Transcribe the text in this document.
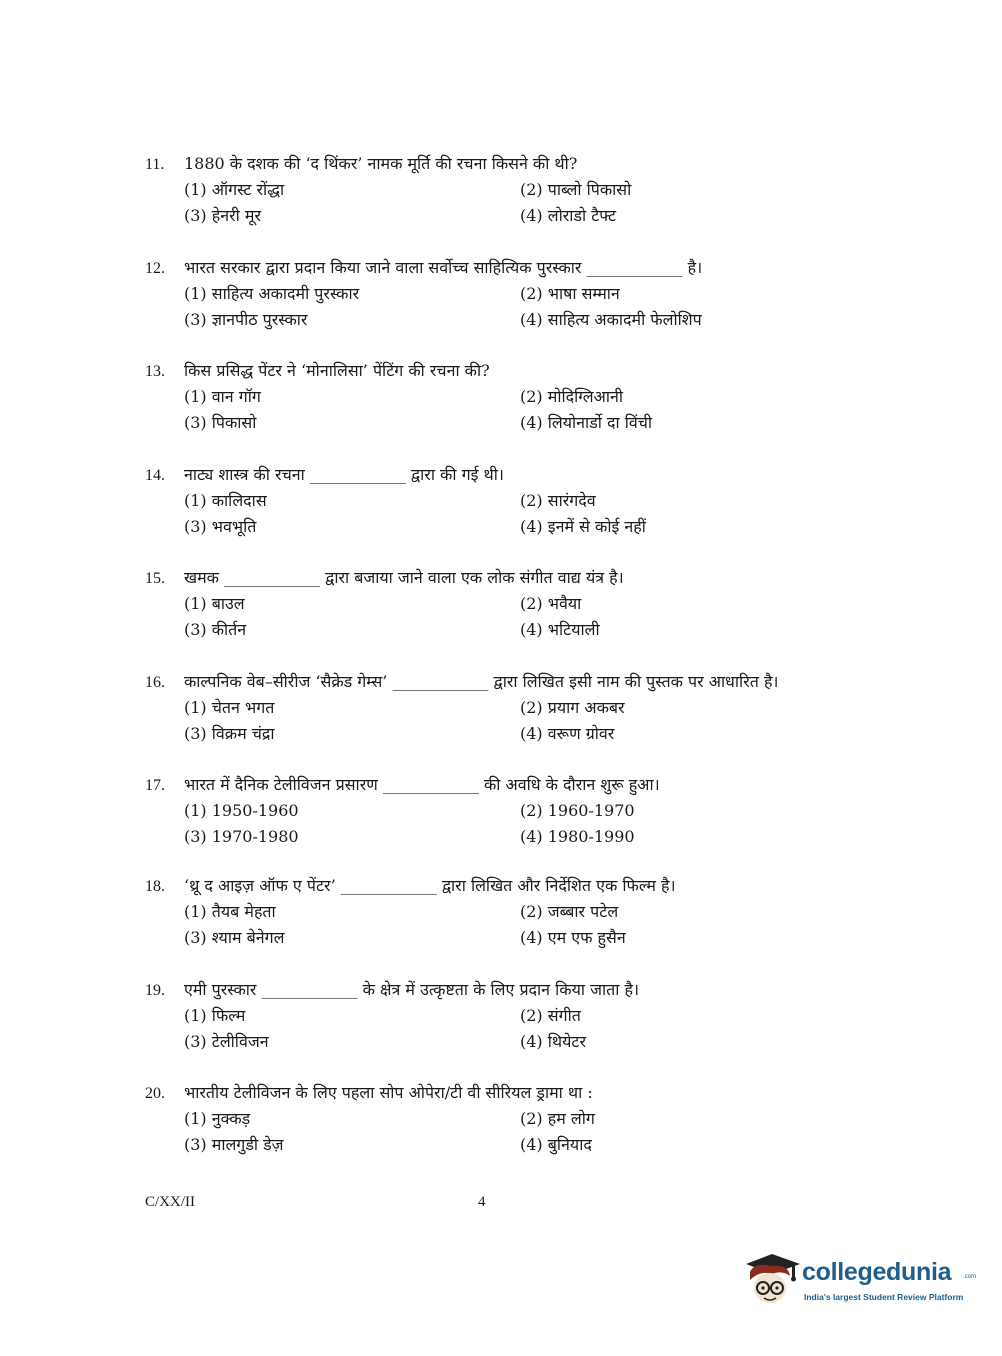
11. 1880 के दशक की ‘द थिंकर’ नामक मूर्ति की रचना किसने की थी?
(1) ऑगस्ट रोंद्धा	(2) पाब्लो पिकासो
(3) हेनरी मूर	(4) लोराडो टैफ्ट
12. भारत सरकार द्वारा प्रदान किया जाने वाला सर्वोच्च साहित्यिक पुरस्कार ____________ है।
(1) साहित्य अकादमी पुरस्कार	(2) भाषा सम्मान
(3) ज्ञानपीठ पुरस्कार	(4) साहित्य अकादमी फेलोशिप
13. किस प्रसिद्ध पेंटर ने ‘मोनालिसा’ पेंटिंग की रचना की?
(1) वान गॉग	(2) मोदिग्लिआनी
(3) पिकासो	(4) लियोनार्डो दा विंची
14. नाट्य शास्त्र की रचना ____________ द्वारा की गई थी।
(1) कालिदास	(2) सारंगदेव
(3) भवभूति	(4) इनमें से कोई नहीं
15. खमक ____________ द्वारा बजाया जाने वाला एक लोक संगीत वाद्य यंत्र है।
(1) बाउल	(2) भवैया
(3) कीर्तन	(4) भटियाली
16. काल्पनिक वेब–सीरीज ‘सैक्रेड गेम्स’ ____________ द्वारा लिखित इसी नाम की पुस्तक पर आधारित है।
(1) चेतन भगत	(2) प्रयाग अकबर
(3) विक्रम चंद्रा	(4) वरूण ग्रोवर
17. भारत में दैनिक टेलीविजन प्रसारण ____________ की अवधि के दौरान शुरू हुआ।
(1) 1950-1960	(2) 1960-1970
(3) 1970-1980	(4) 1980-1990
18. ‘थ्रू द आइज़ ऑफ ए पेंटर’ ____________ द्वारा लिखित और निर्देशित एक फिल्म है।
(1) तैयब मेहता	(2) जब्बार पटेल
(3) श्याम बेनेगल	(4) एम एफ हुसैन
19. एमी पुरस्कार ____________ के क्षेत्र में उत्कृष्टता के लिए प्रदान किया जाता है।
(1) फिल्म	(2) संगीत
(3) टेलीविजन	(4) थियेटर
20. भारतीय टेलीविजन के लिए पहला सोप ओपेरा/टी वी सीरियल ड्रामा था :
(1) नुक्कड़	(2) हम लोग
(3) मालगुडी डेज़	(4) बुनियाद
C/XX/II	4
collegedunia .com
India's largest Student Review Platform
